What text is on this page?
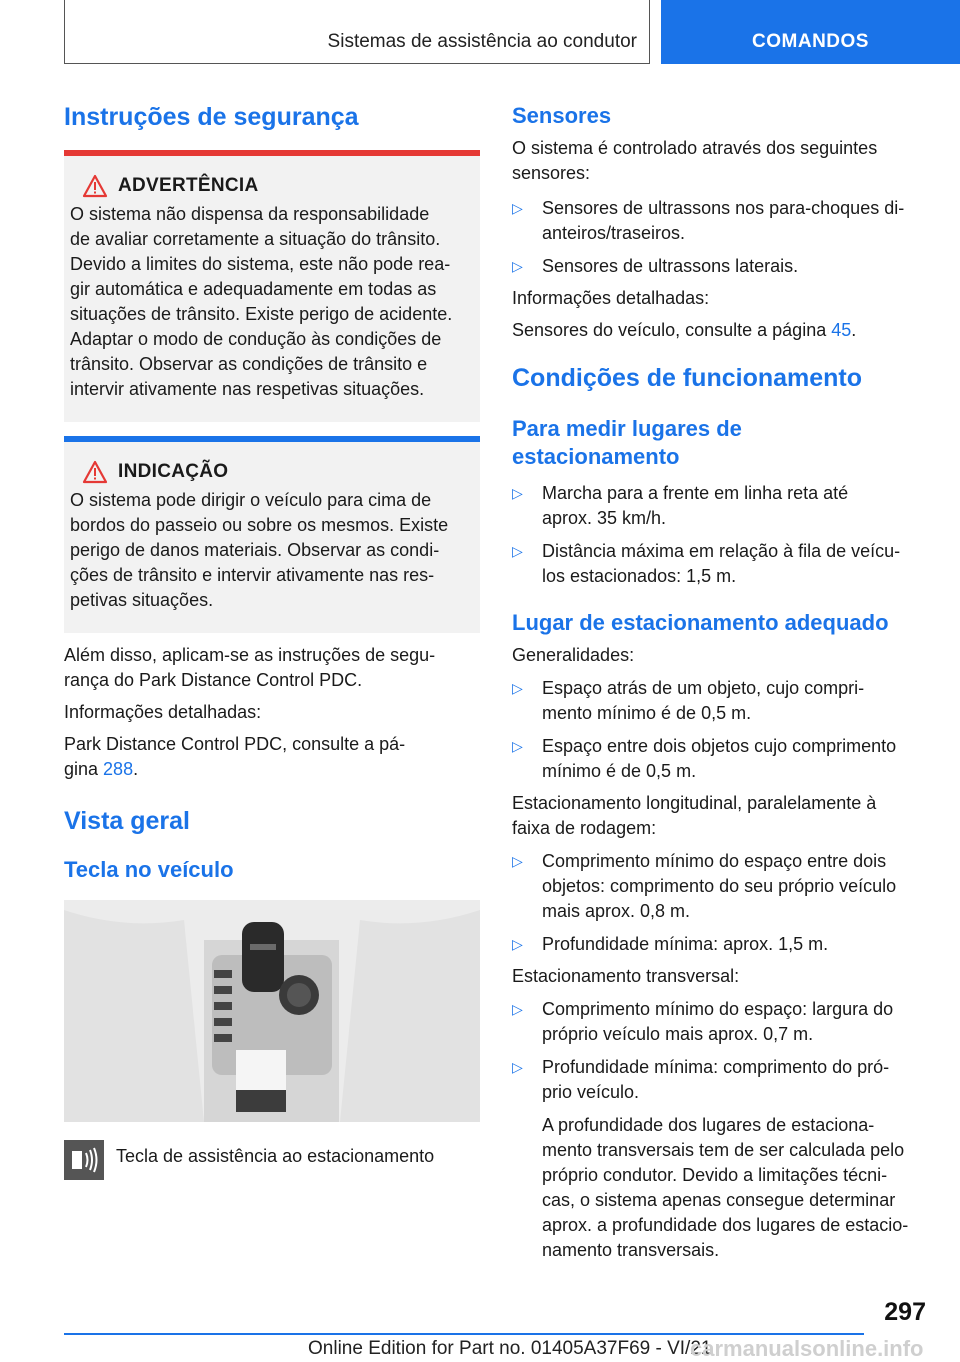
Sistemas de assistência ao condutor	COMANDOS
Instruções de segurança
ADVERTÊNCIA

O sistema não dispensa da responsabilidade
de avaliar corretamente a situação do trânsito.
Devido a limites do sistema, este não pode rea-
gir automática e adequadamente em todas as
situações de trânsito. Existe perigo de acidente.
Adaptar o modo de condução às condições de
trânsito. Observar as condições de trânsito e
intervir ativamente nas respetivas situações.

INDICAÇÃO

O sistema pode dirigir o veículo para cima de
bordos do passeio ou sobre os mesmos. Existe
perigo de danos materiais. Observar as condi-
ções de trânsito e intervir ativamente nas res-
petivas situações.

Além disso, aplicam-se as instruções de segu-
rança do Park Distance Control PDC.

Informações detalhadas:

Park Distance Control PDC, consulte a pá-
gina 288.

Vista geral
Tecla no veículo
Tecla de assistência ao estacionamento
Sensores

O sistema é controlado através dos seguintes
sensores:

▷ Sensores de ultrassons nos para-choques di-
anteiros/traseiros.
▷ Sensores de ultrassons laterais.

Informações detalhadas:

Sensores do veículo, consulte a página 45.

Condições de funcionamento
Para medir lugares de
estacionamento
▷ Marcha para a frente em linha reta até
aprox. 35 km/h.
▷ Distância máxima em relação à fila de veícu-
los estacionados: 1,5 m.
Lugar de estacionamento adequado

Generalidades:

▷ Espaço atrás de um objeto, cujo compri-
mento mínimo é de 0,5 m.
▷ Espaço entre dois objetos cujo comprimento
mínimo é de 0,5 m.

Estacionamento longitudinal, paralelamente à
faixa de rodagem:

▷ Comprimento mínimo do espaço entre dois
objetos: comprimento do seu próprio veículo
mais aprox. 0,8 m.
▷ Profundidade mínima: aprox. 1,5 m.

Estacionamento transversal:

▷ Comprimento mínimo do espaço: largura do
próprio veículo mais aprox. 0,7 m.
▷ Profundidade mínima: comprimento do pró-
prio veículo.

A profundidade dos lugares de estaciona-
mento transversais tem de ser calculada pelo
próprio condutor. Devido a limitações técni-
cas, o sistema apenas consegue determinar
aprox. a profundidade dos lugares de estacio-
namento transversais.

297
Online Edition for Part no. 01405A37F69 - VI/21
carmanualsonline.info
